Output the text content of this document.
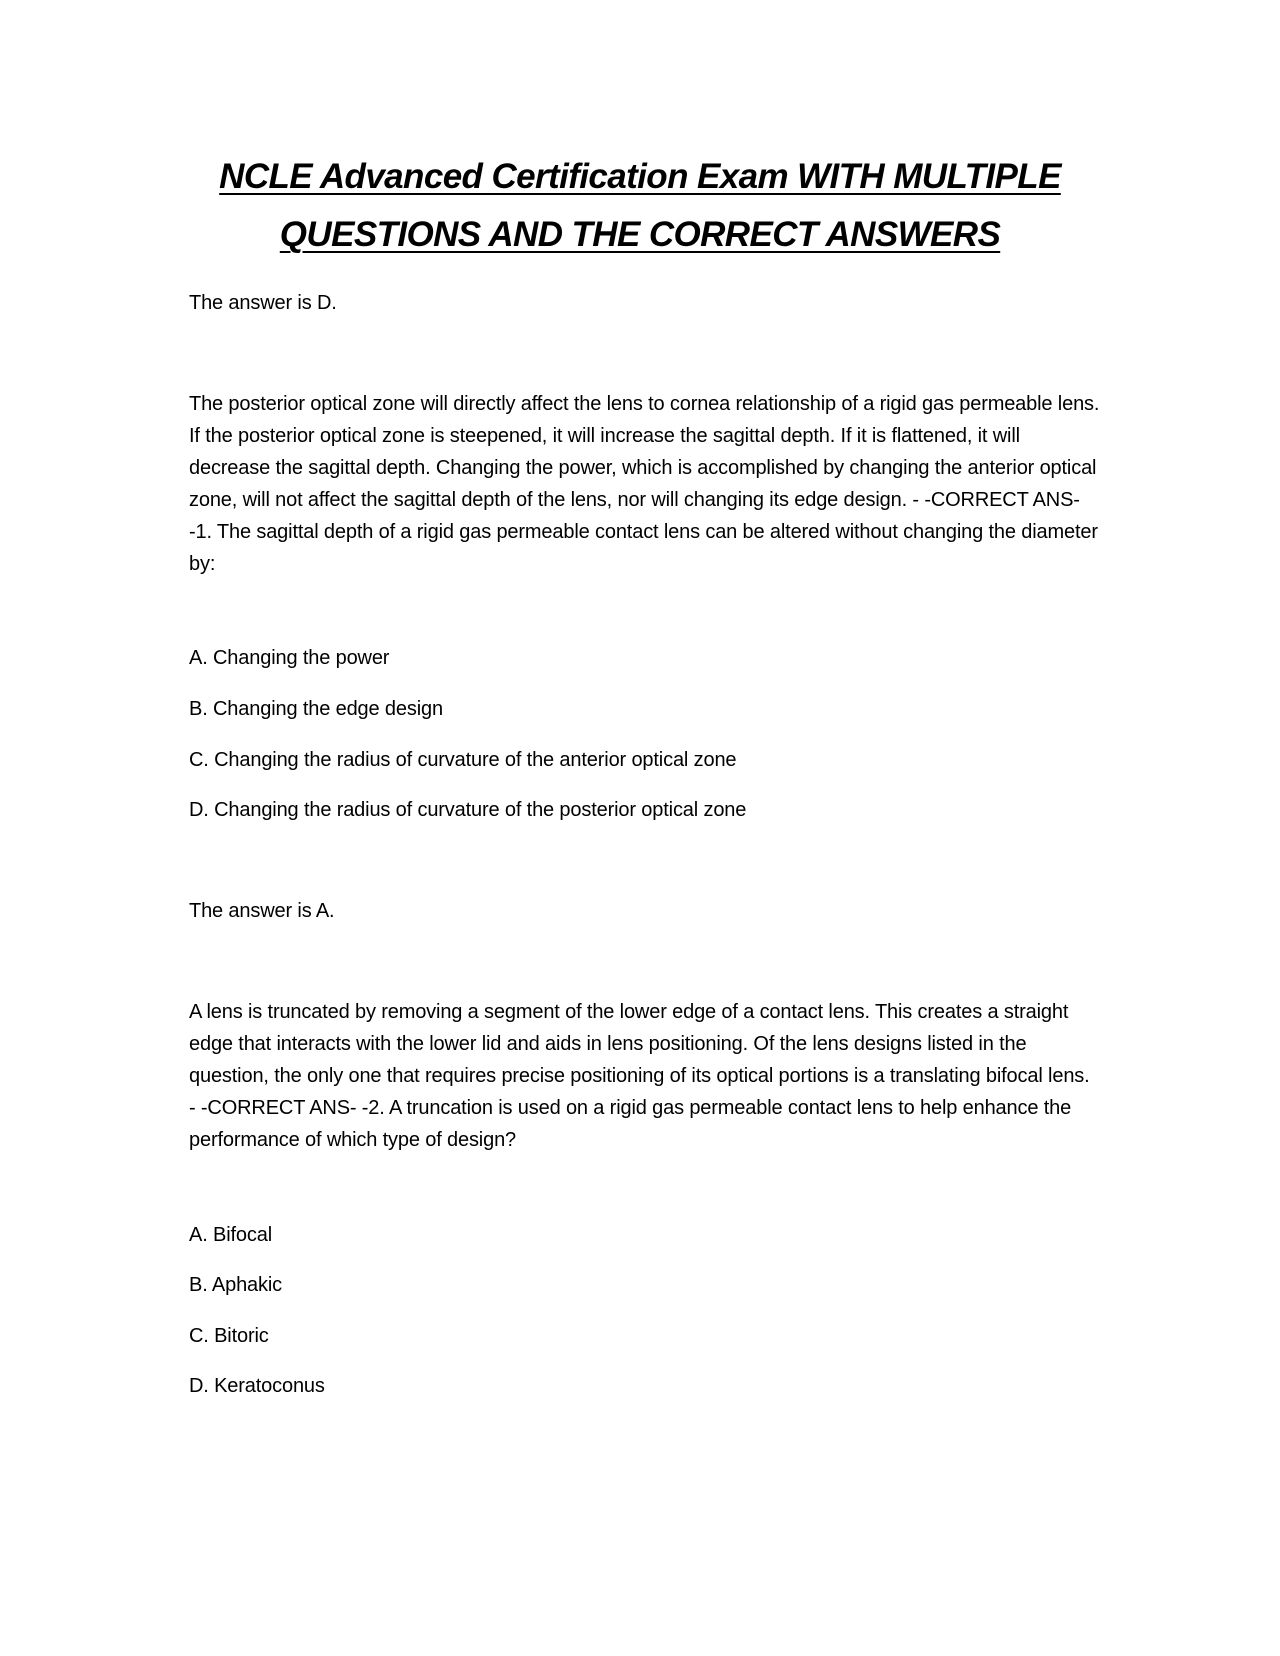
NCLE Advanced Certification Exam WITH MULTIPLE
QUESTIONS AND THE CORRECT ANSWERS

The answer is D.

The posterior optical zone will directly affect the lens to cornea relationship of a rigid gas permeable lens. If the posterior optical zone is steepened, it will increase the sagittal depth. If it is flattened, it will decrease the sagittal depth. Changing the power, which is accomplished by changing the anterior optical zone, will not affect the sagittal depth of the lens, nor will changing its edge design. - -CORRECT ANS- -1. The sagittal depth of a rigid gas permeable contact lens can be altered without changing the diameter by:

A. Changing the power

B. Changing the edge design

C. Changing the radius of curvature of the anterior optical zone

D. Changing the radius of curvature of the posterior optical zone

The answer is A.

A lens is truncated by removing a segment of the lower edge of a contact lens. This creates a straight edge that interacts with the lower lid and aids in lens positioning. Of the lens designs listed in the question, the only one that requires precise positioning of its optical portions is a translating bifocal lens. - -CORRECT ANS- -2. A truncation is used on a rigid gas permeable contact lens to help enhance the performance of which type of design?

A. Bifocal

B. Aphakic

C. Bitoric

D. Keratoconus
